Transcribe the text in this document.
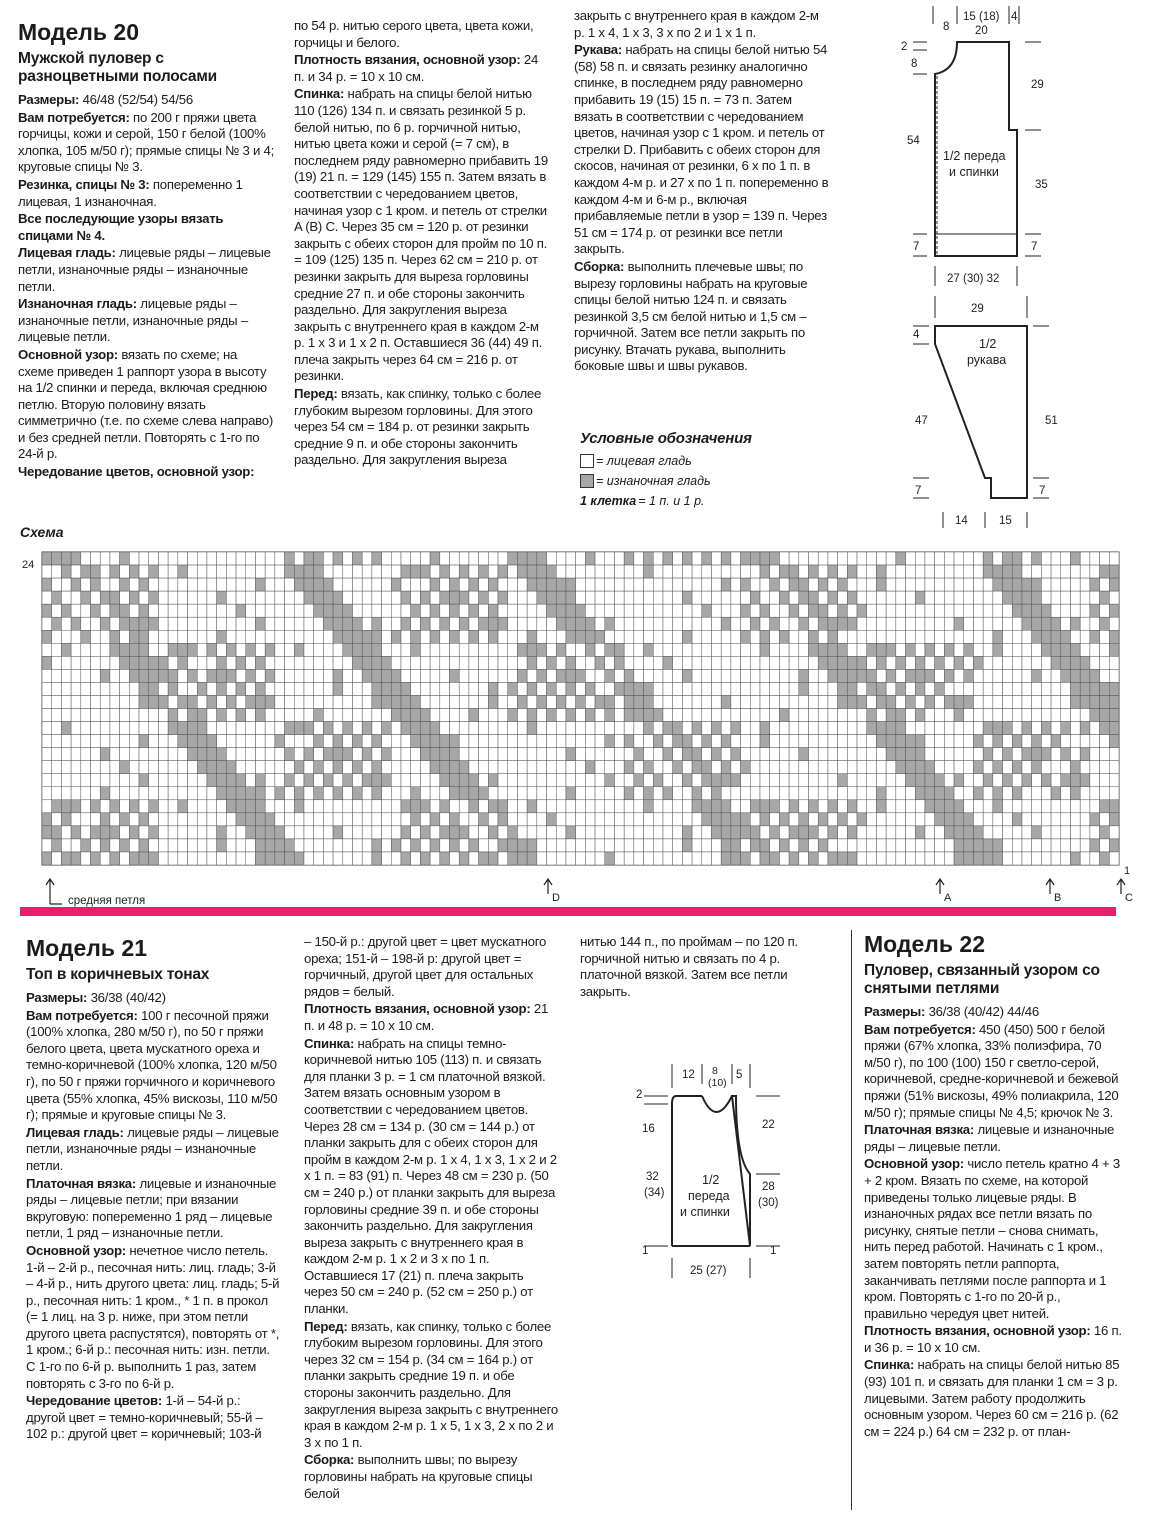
Модель 20
Мужской пуловер с разноцветными полосами

Размеры: 46/48 (52/54) 54/56

Вам потребуется: по 200 г пряжи цвета горчицы, кожи и серой, 150 г белой (100% хлопка, 105 м/50 г); прямые спицы № 3 и 4; круговые спицы № 3.

Резинка, спицы № 3: попеременно 1 лицевая, 1 изнаночная.

Все последующие узоры вязать спицами № 4.

Лицевая гладь: лицевые ряды – лицевые петли, изнаночные ряды – изнаночные петли.

Изнаночная гладь: лицевые ряды – изнаночные петли, изнаночные ряды – лицевые петли.

Основной узор: вязать по схеме; на схеме приведен 1 раппорт узора в высоту на 1/2 спинки и переда, включая среднюю петлю. Вторую половину вязать симметрично (т.е. по схеме слева направо) и без средней петли. Повторять с 1-го по 24-й р.

Чередование цветов, основной узор:

по 54 р. нитью серого цвета, цвета кожи, горчицы и белого.

Плотность вязания, основной узор: 24 п. и 34 р. = 10 х 10 см.

Спинка: набрать на спицы белой нитью 110 (126) 134 п. и связать резинкой 5 р. белой нитью, по 6 р. горчичной нитью, нитью цвета кожи и серой (= 7 см), в последнем ряду равномерно прибавить 19 (19) 21 п. = 129 (145) 155 п. Затем вязать в соответствии с чередованием цветов, начиная узор с 1 кром. и петель от стрелки A (B) C. Через 35 см = 120 р. от резинки закрыть с обеих сторон для пройм по 10 п. = 109 (125) 135 п. Через 62 см = 210 р. от резинки закрыть для выреза горловины средние 27 п. и обе стороны закончить раздельно. Для закругления выреза закрыть с внутреннего края в каждом 2-м р. 1 х 3 и 1 х 2 п. Оставшиеся 36 (44) 49 п. плеча закрыть через 64 см = 216 р. от резинки.

Перед: вязать, как спинку, только с более глубоким вырезом горловины. Для этого через 54 см = 184 р. от резинки закрыть средние 9 п. и обе стороны закончить раздельно. Для закругления выреза

закрыть с внутреннего края в каждом 2-м р. 1 х 4, 1 х 3, 3 х по 2 и 1 х 1 п.

Рукава: набрать на спицы белой нитью 54 (58) 58 п. и связать резинку аналогично спинке, в последнем ряду равномерно прибавить 19 (15) 15 п. = 73 п. Затем вязать в соответствии с чередованием цветов, начиная узор с 1 кром. и петель от стрелки D. Прибавить с обеих сторон для скосов, начиная от резинки, 6 х по 1 п. в каждом 4-м р. и 27 х по 1 п. попеременно в каждом 4-м и 6-м р., включая прибавляемые петли в узор = 139 п. Через 51 см = 174 р. от резинки все петли закрыть.

Сборка: выполнить плечевые швы; по вырезу горловины набрать на круговые спицы белой нитью 124 п. и связать резинкой 3,5 см белой нитью и 1,5 см – горчичной. Затем все петли закрыть по рисунку. Втачать рукава, выполнить боковые швы и швы рукавов.

Условные обозначения
= лицевая гладь
= изнаночная гладь
1 клетка = 1 п. и 1 р.
8
15 (18)
20
4
2
8
54
7
29
35
7
1/2 переда
и спинки
27 (30) 32
29
4
47
7
51
7
1/2
рукава
14	15
Схема
24
1
D	A	B	C
средняя петля
Модель 21
Топ в коричневых тонах

Размеры: 36/38 (40/42)

Вам потребуется: 100 г песочной пряжи (100% хлопка, 280 м/50 г), по 50 г пряжи белого цвета, цвета мускатного ореха и темно-коричневой (100% хлопка, 120 м/50 г), по 50 г пряжи горчичного и коричневого цвета (55% хлопка, 45% вискозы, 110 м/50 г); прямые и круговые спицы № 3.

Лицевая гладь: лицевые ряды – лицевые петли, изнаночные ряды – изнаночные петли.

Платочная вязка: лицевые и изнаночные ряды – лицевые петли; при вязании вкруговую: попеременно 1 ряд – лицевые петли, 1 ряд – изнаночные петли.

Основной узор: нечетное число петель. 1-й – 2-й р., песочная нить: лиц. гладь; 3-й – 4-й р., нить другого цвета: лиц. гладь; 5-й р., песочная нить: 1 кром., * 1 п. в прокол (= 1 лиц. на 3 р. ниже, при этом петли другого цвета распустятся), повторять от *, 1 кром.; 6-й р.: песочная нить: изн. петли. С 1-го по 6-й р. выполнить 1 раз, затем повторять с 3-го по 6-й р.

Чередование цветов: 1-й – 54-й р.: другой цвет = темно-коричневый; 55-й – 102 р.: другой цвет = коричневый; 103-й

– 150-й р.: другой цвет = цвет мускатного ореха; 151-й – 198-й р: другой цвет = горчичный, другой цвет для остальных рядов = белый.

Плотность вязания, основной узор: 21 п. и 48 р. = 10 х 10 см.

Спинка: набрать на спицы темно-коричневой нитью 105 (113) п. и связать для планки 3 р. = 1 см платочной вязкой. Затем вязать основным узором в соответствии с чередованием цветов. Через 28 см = 134 р. (30 см = 144 р.) от планки закрыть для с обеих сторон для пройм в каждом 2-м р. 1 х 4, 1 х 3, 1 х 2 и 2 х 1 п. = 83 (91) п. Через 48 см = 230 р. (50 см = 240 р.) от планки закрыть для выреза горловины средние 39 п. и обе стороны закончить раздельно. Для закругления выреза закрыть с внутреннего края в каждом 2-м р. 1 х 2 и 3 х по 1 п. Оставшиеся 17 (21) п. плеча закрыть через 50 см = 240 р. (52 см = 250 р.) от планки.

Перед: вязать, как спинку, только с более глубоким вырезом горловины. Для этого через 32 см = 154 р. (34 см = 164 р.) от планки закрыть средние 19 п. и обе стороны закончить раздельно. Для закругления выреза закрыть с внутреннего края в каждом 2-м р. 1 х 5, 1 х 3, 2 х по 2 и 3 х по 1 п.

Сборка: выполнить швы; по вырезу горловины набрать на круговые спицы белой

нитью 144 п., по проймам – по 120 п. горчичной нитью и связать по 4 р. платочной вязкой. Затем все петли закрыть.

12 8
(10)
5
2
16
32
(34)
1
22
28
(30)
1
1/2
переда
и спинки
25 (27)
Модель 22
Пуловер, связанный узором со снятыми петлями

Размеры: 36/38 (40/42) 44/46

Вам потребуется: 450 (450) 500 г белой пряжи (67% хлопка, 33% полиэфира, 70 м/50 г), по 100 (100) 150 г светло-серой, коричневой, средне-коричневой и бежевой пряжи (51% вискозы, 49% полиакрила, 120 м/50 г); прямые спицы № 4,5; крючок № 3.

Платочная вязка: лицевые и изнаночные ряды – лицевые петли.

Основной узор: число петель кратно 4 + 3 + 2 кром. Вязать по схеме, на которой приведены только лицевые ряды. В изнаночных рядах все петли вязать по рисунку, снятые петли – снова снимать, нить перед работой. Начинать с 1 кром., затем повторять петли раппорта, заканчивать петлями после раппорта и 1 кром. Повторять с 1-го по 20-й р., правильно чередуя цвет нитей.

Плотность вязания, основной узор: 16 п. и 36 р. = 10 х 10 см.

Спинка: набрать на спицы белой нитью 85 (93) 101 п. и связать для планки 1 см = 3 р. лицевыми. Затем работу продолжить основным узором. Через 60 см = 216 р. (62 см = 224 р.) 64 см = 232 р. от план-
